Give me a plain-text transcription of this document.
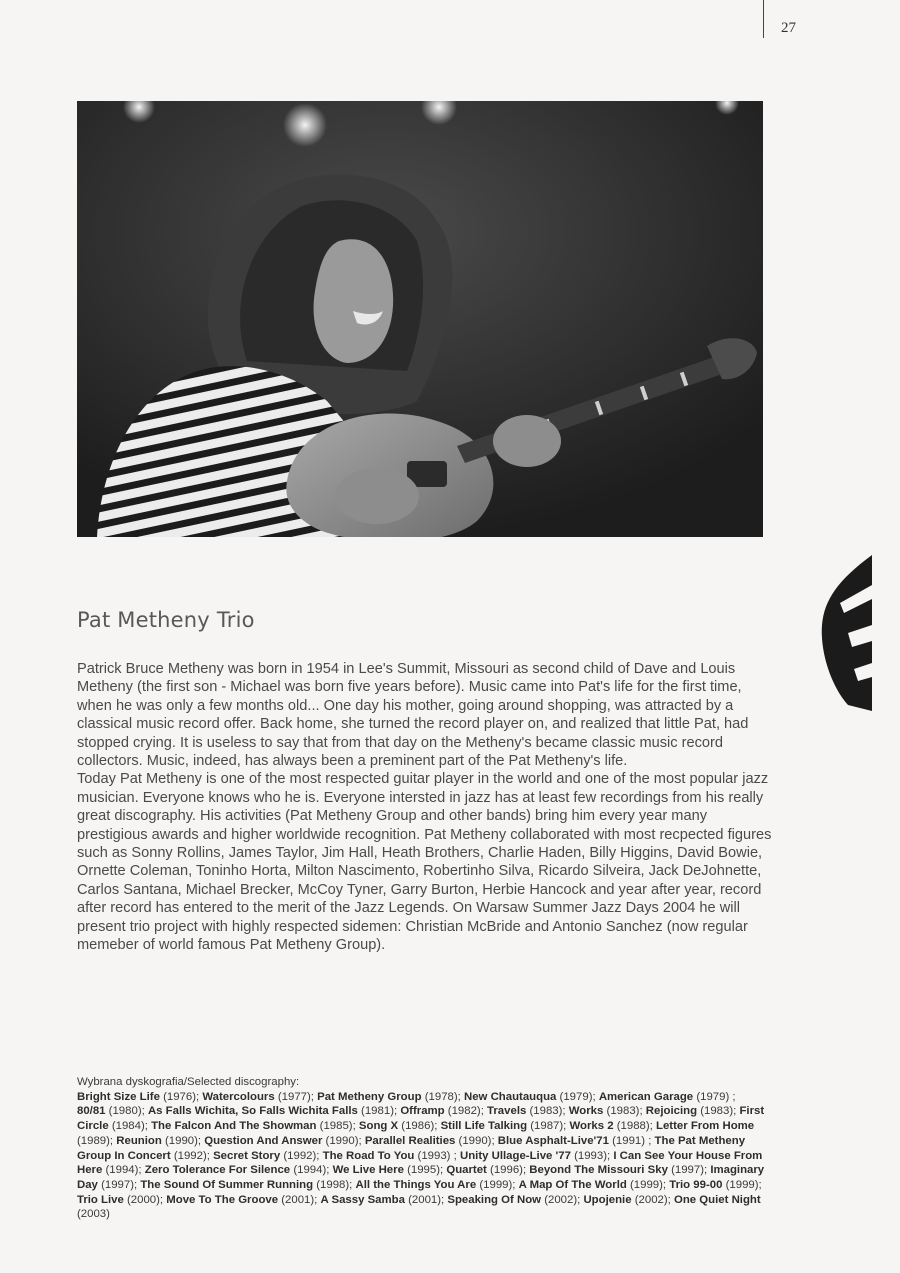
27
Pat Metheny Trio

Patrick Bruce Metheny was born in 1954 in Lee's Summit, Missouri as second child of Dave and Louis Metheny (the first son - Michael was born five years before). Music came into Pat's life for the first time, when he was only a few months old... One day his mother, going around shopping, was attracted by a classical music record offer. Back home, she turned the record player on, and realized that little Pat, had stopped crying. It is useless to say that from that day on the Metheny's became classic music record collectors. Music, indeed, has always been a preminent part of the Pat Metheny's life.

Today Pat Metheny is one of the most respected guitar player in the world and one of the most popular jazz musician. Everyone knows who he is. Everyone intersted in jazz has at least few recordings from his really great discography. His activities (Pat Metheny Group and other bands) bring him every year many prestigious awards and higher worldwide recognition. Pat Metheny collaborated with most recpected figures such as Sonny Rollins, James Taylor, Jim Hall, Heath Brothers, Charlie Haden, Billy Higgins, David Bowie, Ornette Coleman, Toninho Horta, Milton Nascimento, Robertinho Silva, Ricardo Silveira, Jack DeJohnette, Carlos Santana, Michael Brecker, McCoy Tyner, Garry Burton, Herbie Hancock and year after year, record after record has entered to the merit of the Jazz Legends. On Warsaw Summer Jazz Days 2004 he will present trio project with highly respected sidemen: Christian McBride and Antonio Sanchez (now regular memeber of world famous Pat Metheny Group).

Wybrana dyskografia/Selected discography:
Bright Size Life (1976); Watercolours (1977); Pat Metheny Group (1978); New Chautauqua (1979); American Garage (1979) ; 80/81 (1980); As Falls Wichita, So Falls Wichita Falls (1981); Offramp (1982); Travels (1983); Works (1983); Rejoicing (1983); First Circle (1984); The Falcon And The Showman (1985); Song X (1986); Still Life Talking (1987); Works 2 (1988); Letter From Home (1989); Reunion (1990); Question And Answer (1990); Parallel Realities (1990); Blue Asphalt-Live'71 (1991) ; The Pat Metheny Group In Concert (1992); Secret Story (1992); The Road To You (1993) ; Unity Ullage-Live '77 (1993); I Can See Your House From Here (1994); Zero Tolerance For Silence (1994); We Live Here (1995); Quartet (1996); Beyond The Missouri Sky (1997); Imaginary Day (1997); The Sound Of Summer Running (1998); All the Things You Are (1999); A Map Of The World (1999); Trio 99-00 (1999); Trio Live (2000); Move To The Groove (2001); A Sassy Samba (2001); Speaking Of Now (2002); Upojenie (2002); One Quiet Night (2003)
